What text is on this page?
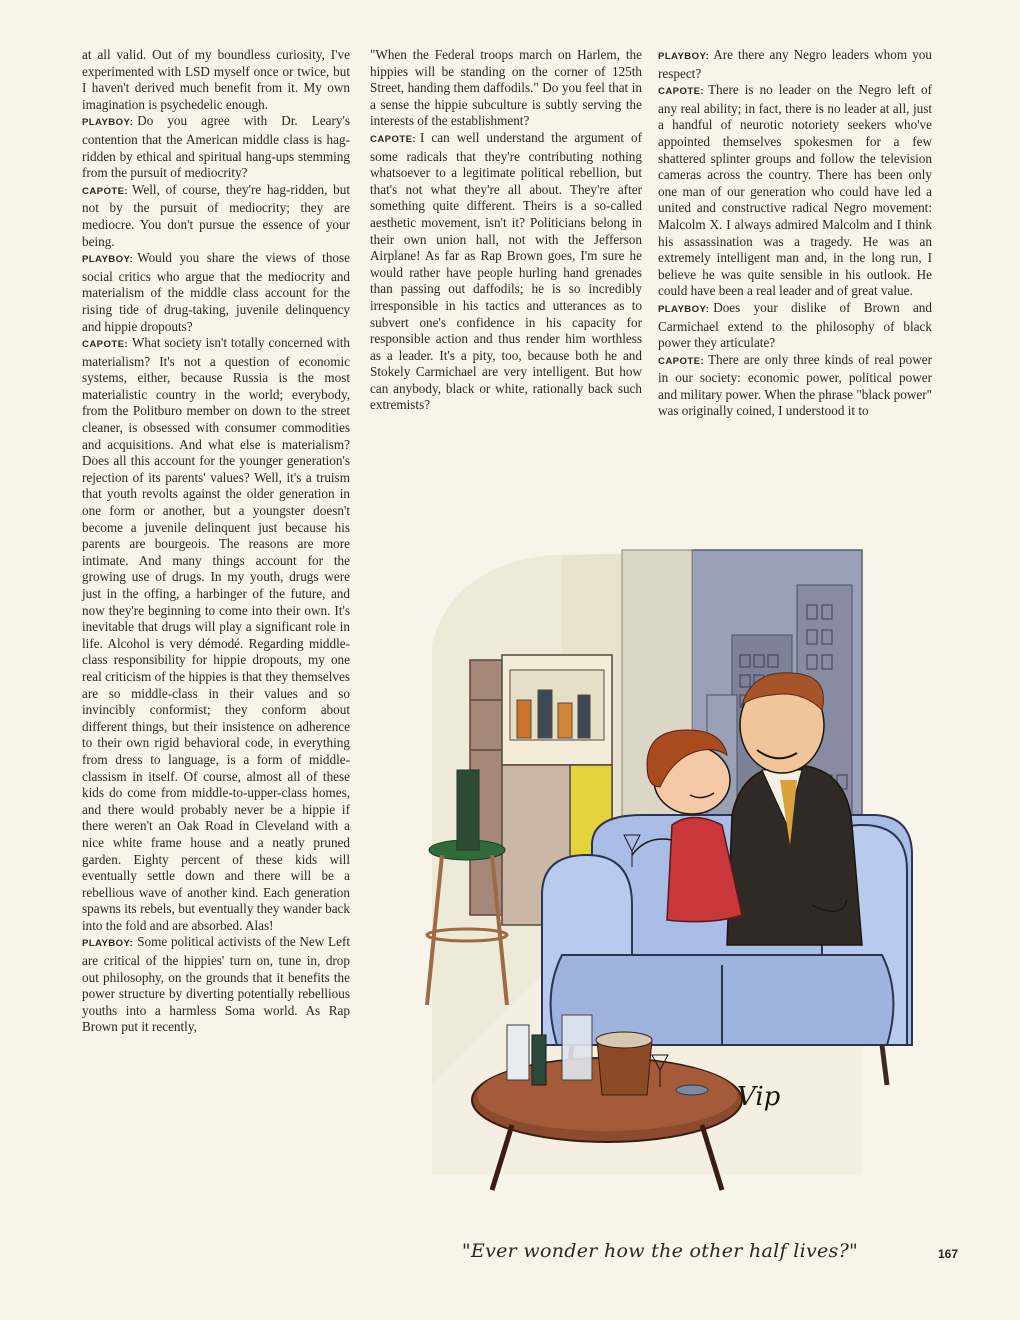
at all valid. Out of my boundless curiosity, I've experimented with LSD myself once or twice, but I haven't derived much benefit from it. My own imagination is psychedelic enough.

PLAYBOY: Do you agree with Dr. Leary's contention that the American middle class is hag-ridden by ethical and spiritual hang-ups stemming from the pursuit of mediocrity?

CAPOTE: Well, of course, they're hag-ridden, but not by the pursuit of mediocrity; they are mediocre. You don't pursue the essence of your being.

PLAYBOY: Would you share the views of those social critics who argue that the mediocrity and materialism of the middle class account for the rising tide of drug-taking, juvenile delinquency and hippie dropouts?

CAPOTE: What society isn't totally concerned with materialism? It's not a question of economic systems, either, because Russia is the most materialistic country in the world; everybody, from the Politburo member on down to the street cleaner, is obsessed with consumer commodities and acquisitions. And what else is materialism? Does all this account for the younger generation's rejection of its parents' values? Well, it's a truism that youth revolts against the older generation in one form or another, but a youngster doesn't become a juvenile delinquent just because his parents are bourgeois. The reasons are more intimate. And many things account for the growing use of drugs. In my youth, drugs were just in the offing, a harbinger of the future, and now they're beginning to come into their own. It's inevitable that drugs will play a significant role in life. Alcohol is very démodé. Regarding middle-class responsibility for hippie dropouts, my one real criticism of the hippies is that they themselves are so middle-class in their values and so invincibly conformist; they conform about different things, but their insistence on adherence to their own rigid behavioral code, in everything from dress to language, is a form of middle-classism in itself. Of course, almost all of these kids do come from middle-to-upper-class homes, and there would probably never be a hippie if there weren't an Oak Road in Cleveland with a nice white frame house and a neatly pruned garden. Eighty percent of these kids will eventually settle down and there will be a rebellious wave of another kind. Each generation spawns its rebels, but eventually they wander back into the fold and are absorbed. Alas!

PLAYBOY: Some political activists of the New Left are critical of the hippies' turn on, tune in, drop out philosophy, on the grounds that it benefits the power structure by diverting potentially rebellious youths into a harmless Soma world. As Rap Brown put it recently,

"When the Federal troops march on Harlem, the hippies will be standing on the corner of 125th Street, handing them daffodils." Do you feel that in a sense the hippie subculture is subtly serving the interests of the establishment?

CAPOTE: I can well understand the argument of some radicals that they're contributing nothing whatsoever to a legitimate political rebellion, but that's not what they're all about. They're after something quite different. Theirs is a so-called aesthetic movement, isn't it? Politicians belong in their own union hall, not with the Jefferson Airplane! As far as Rap Brown goes, I'm sure he would rather have people hurling hand grenades than passing out daffodils; he is so incredibly irresponsible in his tactics and utterances as to subvert one's confidence in his capacity for responsible action and thus render him worthless as a leader. It's a pity, too, because both he and Stokely Carmichael are very intelligent. But how can anybody, black or white, rationally back such extremists?

PLAYBOY: Are there any Negro leaders whom you respect?

CAPOTE: There is no leader on the Negro left of any real ability; in fact, there is no leader at all, just a handful of neurotic notoriety seekers who've appointed themselves spokesmen for a few shattered splinter groups and follow the television cameras across the country. There has been only one man of our generation who could have led a united and constructive radical Negro movement: Malcolm X. I always admired Malcolm and I think his assassination was a tragedy. He was an extremely intelligent man and, in the long run, I believe he was quite sensible in his outlook. He could have been a real leader and of great value.

PLAYBOY: Does your dislike of Brown and Carmichael extend to the philosophy of black power they articulate?

CAPOTE: There are only three kinds of real power in our society: economic power, political power and military power. When the phrase "black power" was originally coined, I understood it to

Vip
"Ever wonder how the other half lives?"	167
